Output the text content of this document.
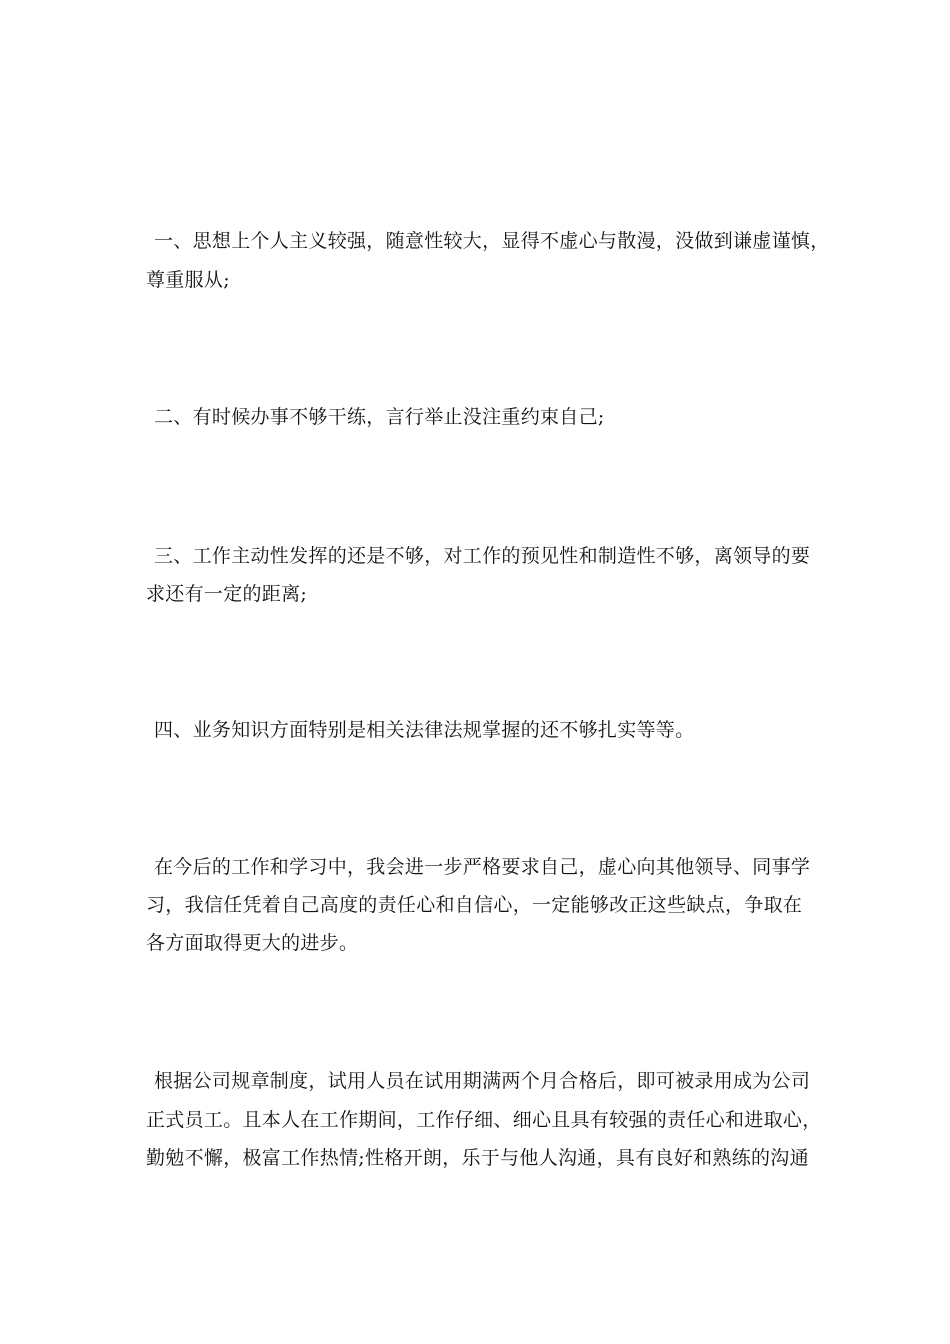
一、思想上个人主义较强，随意性较大，显得不虚心与散漫，没做到谦虚谨慎，
尊重服从;
二、有时候办事不够干练，言行举止没注重约束自己;
三、工作主动性发挥的还是不够，对工作的预见性和制造性不够，离领导的要
求还有一定的距离;
四、业务知识方面特别是相关法律法规掌握的还不够扎实等等。
在今后的工作和学习中，我会进一步严格要求自己，虚心向其他领导、同事学
习，我信任凭着自己高度的责任心和自信心，一定能够改正这些缺点，争取在
各方面取得更大的进步。
根据公司规章制度，试用人员在试用期满两个月合格后，即可被录用成为公司
正式员工。且本人在工作期间，工作仔细、细心且具有较强的责任心和进取心，
勤勉不懈，极富工作热情;性格开朗，乐于与他人沟通，具有良好和熟练的沟通
